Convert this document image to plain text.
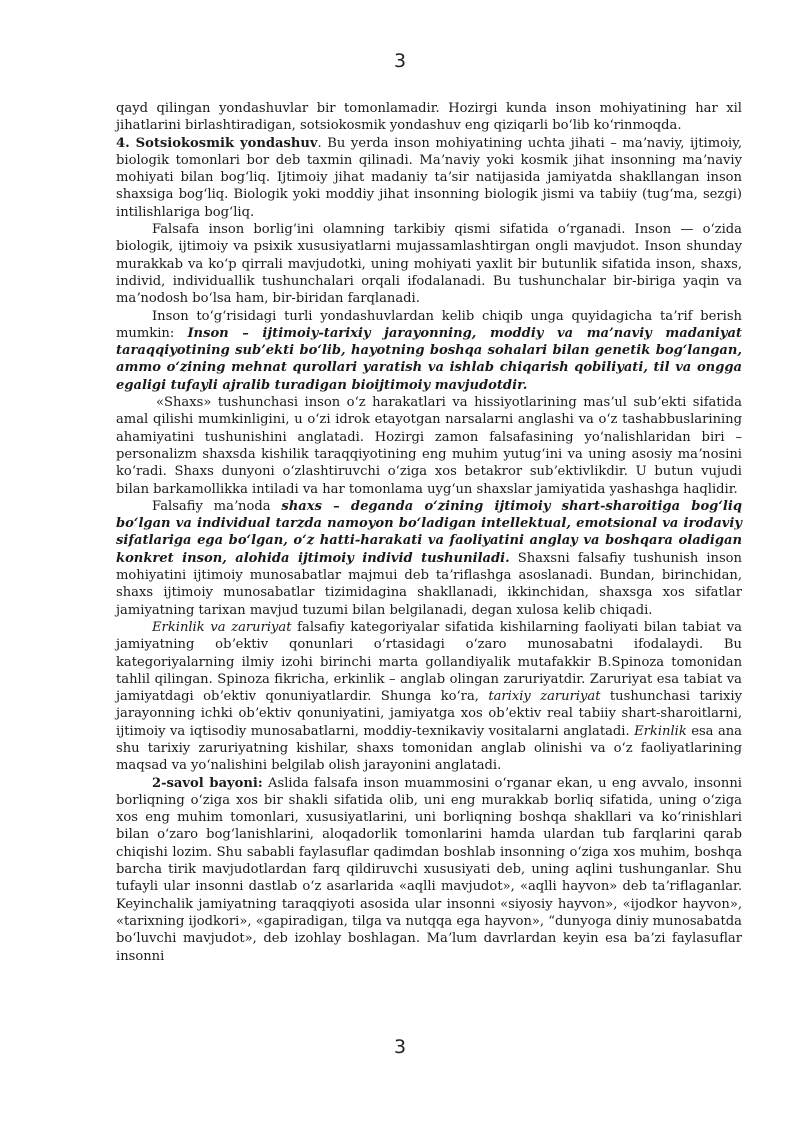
3

qayd qilingan yondashuvlar bir tomonlamadir. Hozirgi kunda inson mohiyatining har xil jihatlarini birlashtiradigan, sotsiokosmik yondashuv eng qiziqarli boʻlib koʻrinmoqda.

4. Sotsiokosmik yondashuv. Bu yerda inson mohiyatining uchta jihati – maʼnaviy, ijtimoiy, biologik tomonlari bor deb taxmin qilinadi. Maʼnaviy yoki kosmik jihat insonning maʼnaviy mohiyati bilan bogʻliq. Ijtimoiy jihat madaniy taʼsir natijasida jamiyatda shakllangan inson shaxsiga bogʻliq. Biologik yoki moddiy jihat insonning biologik jismi va tabiiy (tugʻma, sezgi) intilishlariga bogʻliq.

Falsafa inson borligʻini olamning tarkibiy qismi sifatida oʻrganadi. Inson — oʻzida biologik, ijtimoiy va psixik xususiyatlarni mujassamlashtirgan ongli mavjudot. Inson shunday murakkab va koʻp qirrali mavjudotki, uning mohiyati yaxlit bir butunlik sifatida inson, shaxs, individ, individuallik tushunchalari orqali ifodalanadi. Bu tushunchalar bir-biriga yaqin va maʼnodosh boʻlsa ham, bir-biridan farqlanadi.

Inson toʻgʻrisidagi turli yondashuvlardan kelib chiqib unga quyidagicha taʼrif berish mumkin: Inson – ijtimoiy-tarixiy jarayonning, moddiy va maʼnaviy madaniyat taraqqiyotining subʼekti boʻlib, hayotning boshqa sohalari bilan genetik bogʻlangan, ammo oʻzining mehnat qurollari yaratish va ishlab chiqarish qobiliyati, til va ongga egaligi tufayli ajralib turadigan bioijtimoiy mavjudotdir.

«Shaxs» tushunchasi inson oʻz harakatlari va hissiyotlarining masʼul subʼekti sifatida amal qilishi mumkinligini, u oʻzi idrok etayotgan narsalarni anglashi va oʻz tashabbuslarining ahamiyatini tushunishini anglatadi. Hozirgi zamon falsafasining yoʻnalishlaridan biri – personalizm shaxsda kishilik taraqqiyotining eng muhim yutugʻini va uning asosiy maʼnosini koʻradi. Shaxs dunyoni oʻzlashtiruvchi oʻziga xos betakror subʼektivlikdir. U butun vujudi bilan barkamollikka intiladi va har tomonlama uygʻun shaxslar jamiyatida yashashga haqlidir.

Falsafiy maʼnoda shaxs – deganda oʻzining ijtimoiy shart-sharoitiga bogʻliq boʻlgan va individual tarzda namoyon boʻladigan intellektual, emotsional va irodaviy sifatlariga ega boʻlgan, oʻz hatti-harakati va faoliyatini anglay va boshqara oladigan konkret inson, alohida ijtimoiy individ tushuniladi. Shaxsni falsafiy tushunish inson mohiyatini ijtimoiy munosabatlar majmui deb taʼriflashga asoslanadi. Bundan, birinchidan, shaxs ijtimoiy munosabatlar tizimidagina shakllanadi, ikkinchidan, shaxsga xos sifatlar jamiyatning tarixan mavjud tuzumi bilan belgilanadi, degan xulosa kelib chiqadi.

Erkinlik va zaruriyat falsafiy kategoriyalar sifatida kishilarning faoliyati bilan tabiat va jamiyatning obʼektiv qonunlari oʻrtasidagi oʻzaro munosabatni ifodalaydi. Bu kategoriyalarning ilmiy izohi birinchi marta gollandiyalik mutafakkir B.Spinoza tomonidan tahlil qilingan. Spinoza fikricha, erkinlik – anglab olingan zaruriyatdir. Zaruriyat esa tabiat va jamiyatdagi obʼektiv qonuniyatlardir. Shunga koʻra, tarixiy zaruriyat tushunchasi tarixiy jarayonning ichki obʼektiv qonuniyatini, jamiyatga xos obʼektiv real tabiiy shart-sharoitlarni, ijtimoiy va iqtisodiy munosabatlarni, moddiy-texnikaviy vositalarni anglatadi. Erkinlik esa ana shu tarixiy zaruriyatning kishilar, shaxs tomonidan anglab olinishi va oʻz faoliyatlarining maqsad va yoʻnalishini belgilab olish jarayonini anglatadi.

2-savol bayoni: Aslida falsafa inson muammosini oʻrganar ekan, u eng avvalo, insonni borliqning oʻziga xos bir shakli sifatida olib, uni eng murakkab borliq sifatida, uning oʻziga xos eng muhim tomonlari, xususiyatlarini, uni borliqning boshqa shakllari va koʻrinishlari bilan oʻzaro bogʻlanishlarini, aloqadorlik tomonlarini hamda ulardan tub farqlarini qarab chiqishi lozim. Shu sababli faylasuflar qadimdan boshlab insonning oʻziga xos muhim, boshqa barcha tirik mavjudotlardan farq qildiruvchi xususiyati deb, uning aqlini tushunganlar. Shu tufayli ular insonni dastlab oʻz asarlarida «aqlli mavjudot», «aqlli hayvon» deb taʼriflaganlar. Keyinchalik jamiyatning taraqqiyoti asosida ular insonni «siyosiy hayvon», «ijodkor hayvon», «tarixning ijodkori», «gapiradigan, tilga va nutqqa ega hayvon», “dunyoga diniy munosabatda boʻluvchi mavjudot», deb izohlay boshlagan. Maʼlum davrlardan keyin esa baʼzi faylasuflar insonni

3
